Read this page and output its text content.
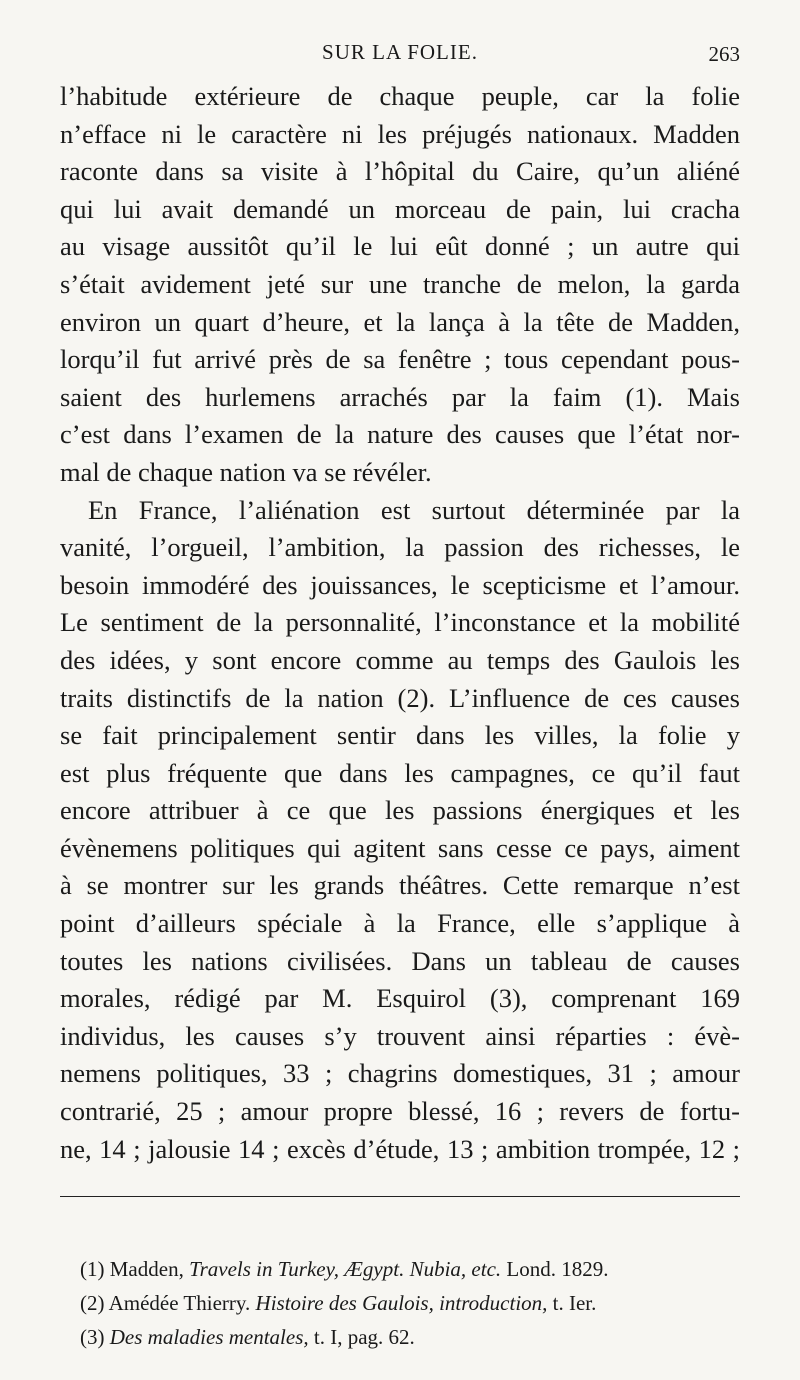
SUR LA FOLIE.	263
l’habitude extérieure de chaque peuple, car la folie
n’efface ni le caractère ni les préjugés nationaux. Madden
raconte dans sa visite à l’hôpital du Caire, qu’un aliéné
qui lui avait demandé un morceau de pain, lui cracha
au visage aussitôt qu’il le lui eût donné ; un autre qui
s’était avidement jeté sur une tranche de melon, la garda
environ un quart d’heure, et la lança à la tête de Madden,
lorqu’il fut arrivé près de sa fenêtre ; tous cependant pous-
saient des hurlemens arrachés par la faim (1). Mais
c’est dans l’examen de la nature des causes que l’état nor-
mal de chaque nation va se révéler.
En France, l’aliénation est surtout déterminée par la
vanité, l’orgueil, l’ambition, la passion des richesses, le
besoin immodéré des jouissances, le scepticisme et l’amour.
Le sentiment de la personnalité, l’inconstance et la mobilité
des idées, y sont encore comme au temps des Gaulois les
traits distinctifs de la nation (2). L’influence de ces causes
se fait principalement sentir dans les villes, la folie y
est plus fréquente que dans les campagnes, ce qu’il faut
encore attribuer à ce que les passions énergiques et les
évènemens politiques qui agitent sans cesse ce pays, aiment
à se montrer sur les grands théâtres. Cette remarque n’est
point d’ailleurs spéciale à la France, elle s’applique à
toutes les nations civilisées. Dans un tableau de causes
morales, rédigé par M. Esquirol (3), comprenant 169
individus, les causes s’y trouvent ainsi réparties : évè-
nemens politiques, 33 ; chagrins domestiques, 31 ; amour
contrarié, 25 ; amour propre blessé, 16 ; revers de fortu-
ne, 14 ; jalousie 14 ; excès d’étude, 13 ; ambition trompée, 12 ;
(1) Madden, Travels in Turkey, Ægypt. Nubia, etc. Lond. 1829.
(2) Amédée Thierry. Histoire des Gaulois, introduction, t. Ier.
(3) Des maladies mentales, t. I, pag. 62.
